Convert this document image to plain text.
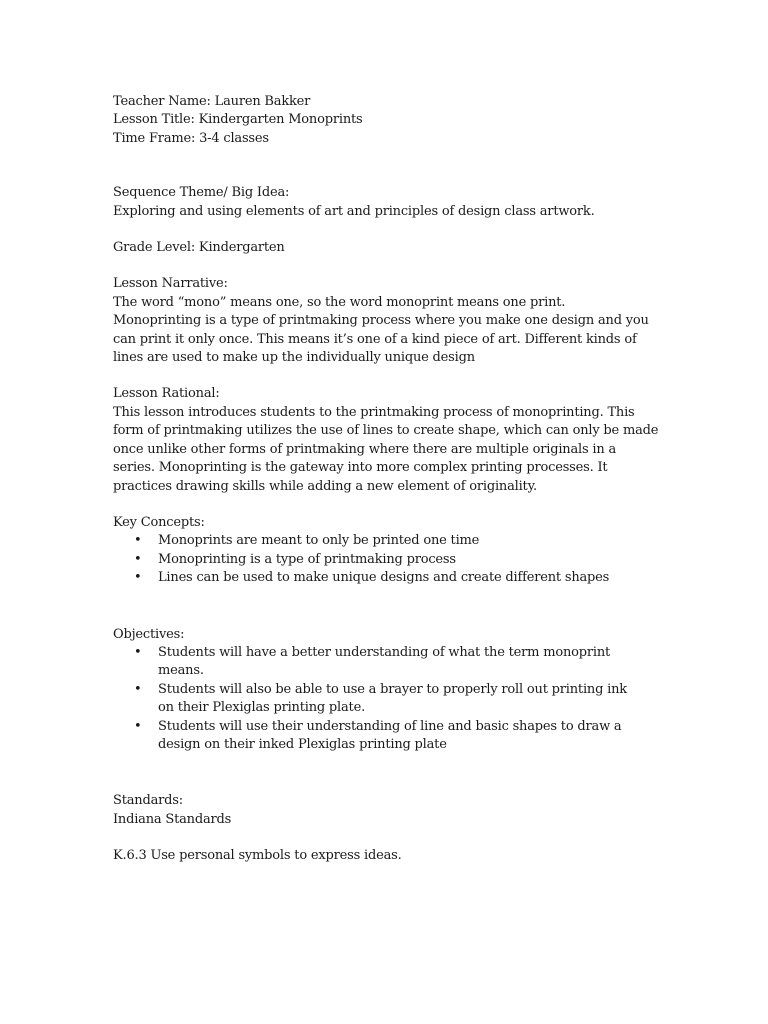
Teacher Name: Lauren Bakker
Lesson Title: Kindergarten Monoprints
Time Frame: 3-4 classes
Sequence Theme/ Big Idea:
Exploring and using elements of art and principles of design class artwork.
Grade Level: Kindergarten
Lesson Narrative:
The word “mono” means one, so the word monoprint means one print.
Monoprinting is a type of printmaking process where you make one design and you
can print it only once. This means it’s one of a kind piece of art. Different kinds of
lines are used to make up the individually unique design
Lesson Rational:
This lesson introduces students to the printmaking process of monoprinting. This
form of printmaking utilizes the use of lines to create shape, which can only be made
once unlike other forms of printmaking where there are multiple originals in a
series. Monoprinting is the gateway into more complex printing processes. It
practices drawing skills while adding a new element of originality.
Key Concepts:
• Monoprints are meant to only be printed one time
• Monoprinting is a type of printmaking process
• Lines can be used to make unique designs and create different shapes
Objectives:
• Students will have a better understanding of what the term monoprint means.
• Students will also be able to use a brayer to properly roll out printing ink on their Plexiglas printing plate.
• Students will use their understanding of line and basic shapes to draw a design on their inked Plexiglas printing plate
Standards:
Indiana Standards
K.6.3 Use personal symbols to express ideas.
